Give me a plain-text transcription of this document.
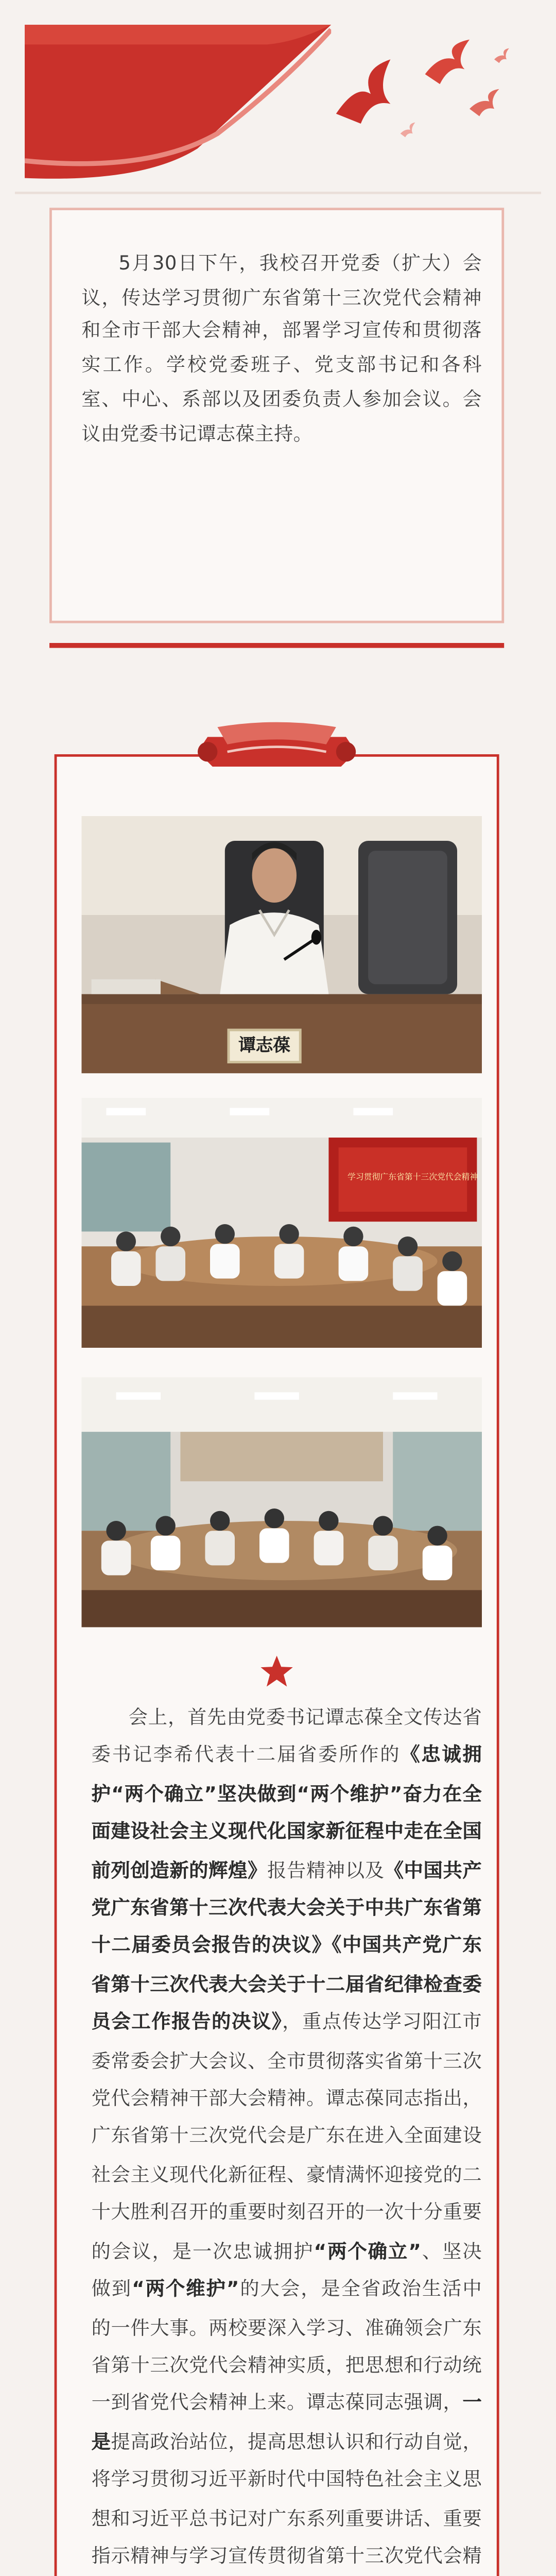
5月30日下午，我校召开党委（扩大）会议，传达学习贯彻广东省第十三次党代会精神和全市干部大会精神，部署学习宣传和贯彻落实工作。学校党委班子、党支部书记和各科室、中心、系部以及团委负责人参加会议。会议由党委书记谭志葆主持。
谭志葆
学习贯彻广东省第十三次党代会精神
会上，首先由党委书记谭志葆全文传达省委书记李希代表十二届省委所作的《忠诚拥护“两个确立”坚决做到“两个维护”奋力在全面建设社会主义现代化国家新征程中走在全国前列创造新的辉煌》报告精神以及《中国共产党广东省第十三次代表大会关于中共广东省第十二届委员会报告的决议》《中国共产党广东省第十三次代表大会关于十二届省纪律检查委员会工作报告的决议》，重点传达学习阳江市委常委会扩大会议、全市贯彻落实省第十三次党代会精神干部大会精神。谭志葆同志指出，广东省第十三次党代会是广东在进入全面建设社会主义现代化新征程、豪情满怀迎接党的二十大胜利召开的重要时刻召开的一次十分重要的会议，是一次忠诚拥护“两个确立”、坚决做到“两个维护”的大会，是全省政治生活中的一件大事。两校要深入学习、准确领会广东省第十三次党代会精神实质，把思想和行动统一到省党代会精神上来。谭志葆同志强调，一是提高政治站位，提高思想认识和行动自觉，将学习贯彻习近平新时代中国特色社会主义思想和习近平总书记对广东系列重要讲话、重要指示精神与学习宣传贯彻省第十三次党代会精
